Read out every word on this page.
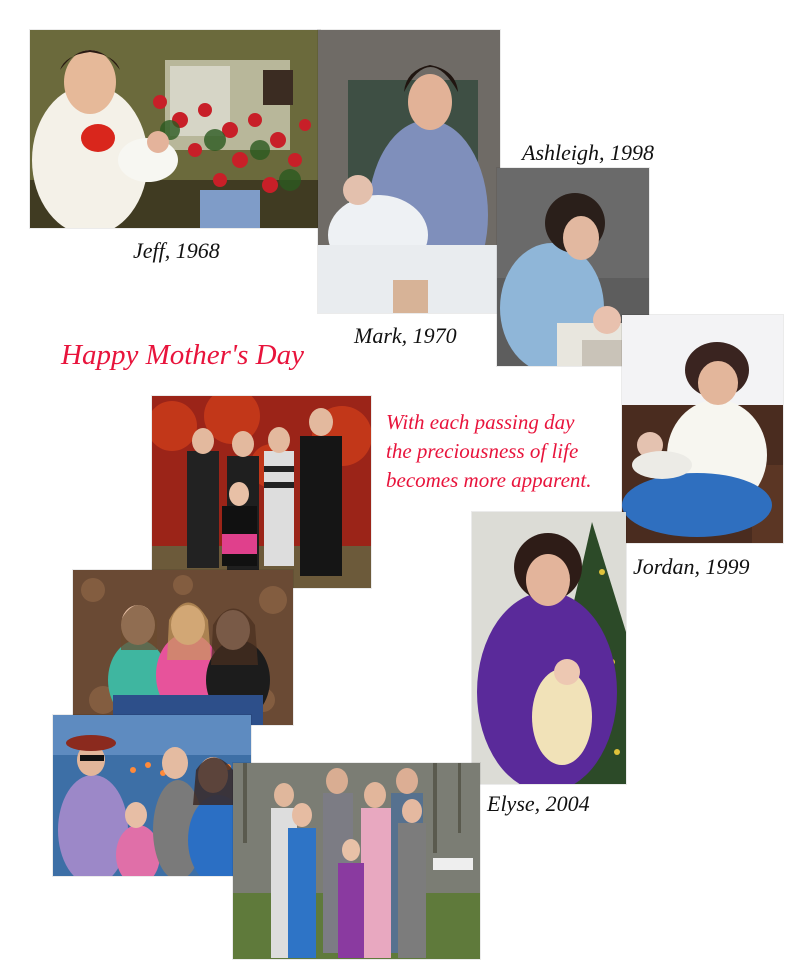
Jeff, 1968
Mark, 1970
Ashleigh, 1998
Jordan, 1999
Elyse, 2004
Happy Mother's Day
With each passing day
the preciousness of life
becomes more apparent.
